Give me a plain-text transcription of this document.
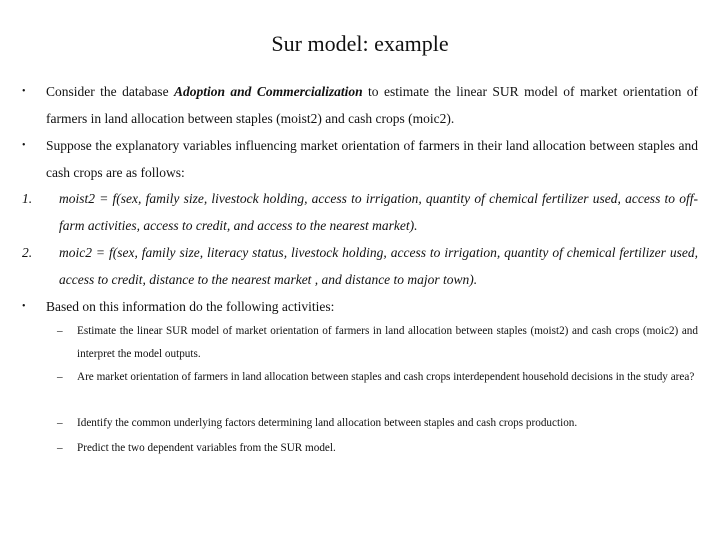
Sur model: example
•	Consider the database Adoption and Commercialization to estimate the linear SUR model of market orientation of farmers in land allocation between staples (moist2) and cash crops (moic2).
•	Suppose the explanatory variables influencing market orientation of farmers in their land allocation between staples and cash crops are as follows:
1.	moist2 = f(sex, family size, livestock holding, access to irrigation, quantity of chemical fertilizer used, access to off-farm activities, access to credit, and access to the nearest market).
2.	moic2 = f(sex, family size, literacy status, livestock holding, access to irrigation, quantity of chemical fertilizer used, access to credit, distance to the nearest market , and distance to major town).
•	Based on this information do the following activities:
–	Estimate the linear SUR model of market orientation of farmers in land allocation between staples (moist2) and cash crops (moic2) and interpret the model outputs.
–	Are market orientation of farmers in land allocation between staples and cash crops interdependent household decisions in the study area?
–	Identify the common underlying factors determining land allocation between staples and cash crops production.
–	Predict the two dependent variables from the SUR model.
